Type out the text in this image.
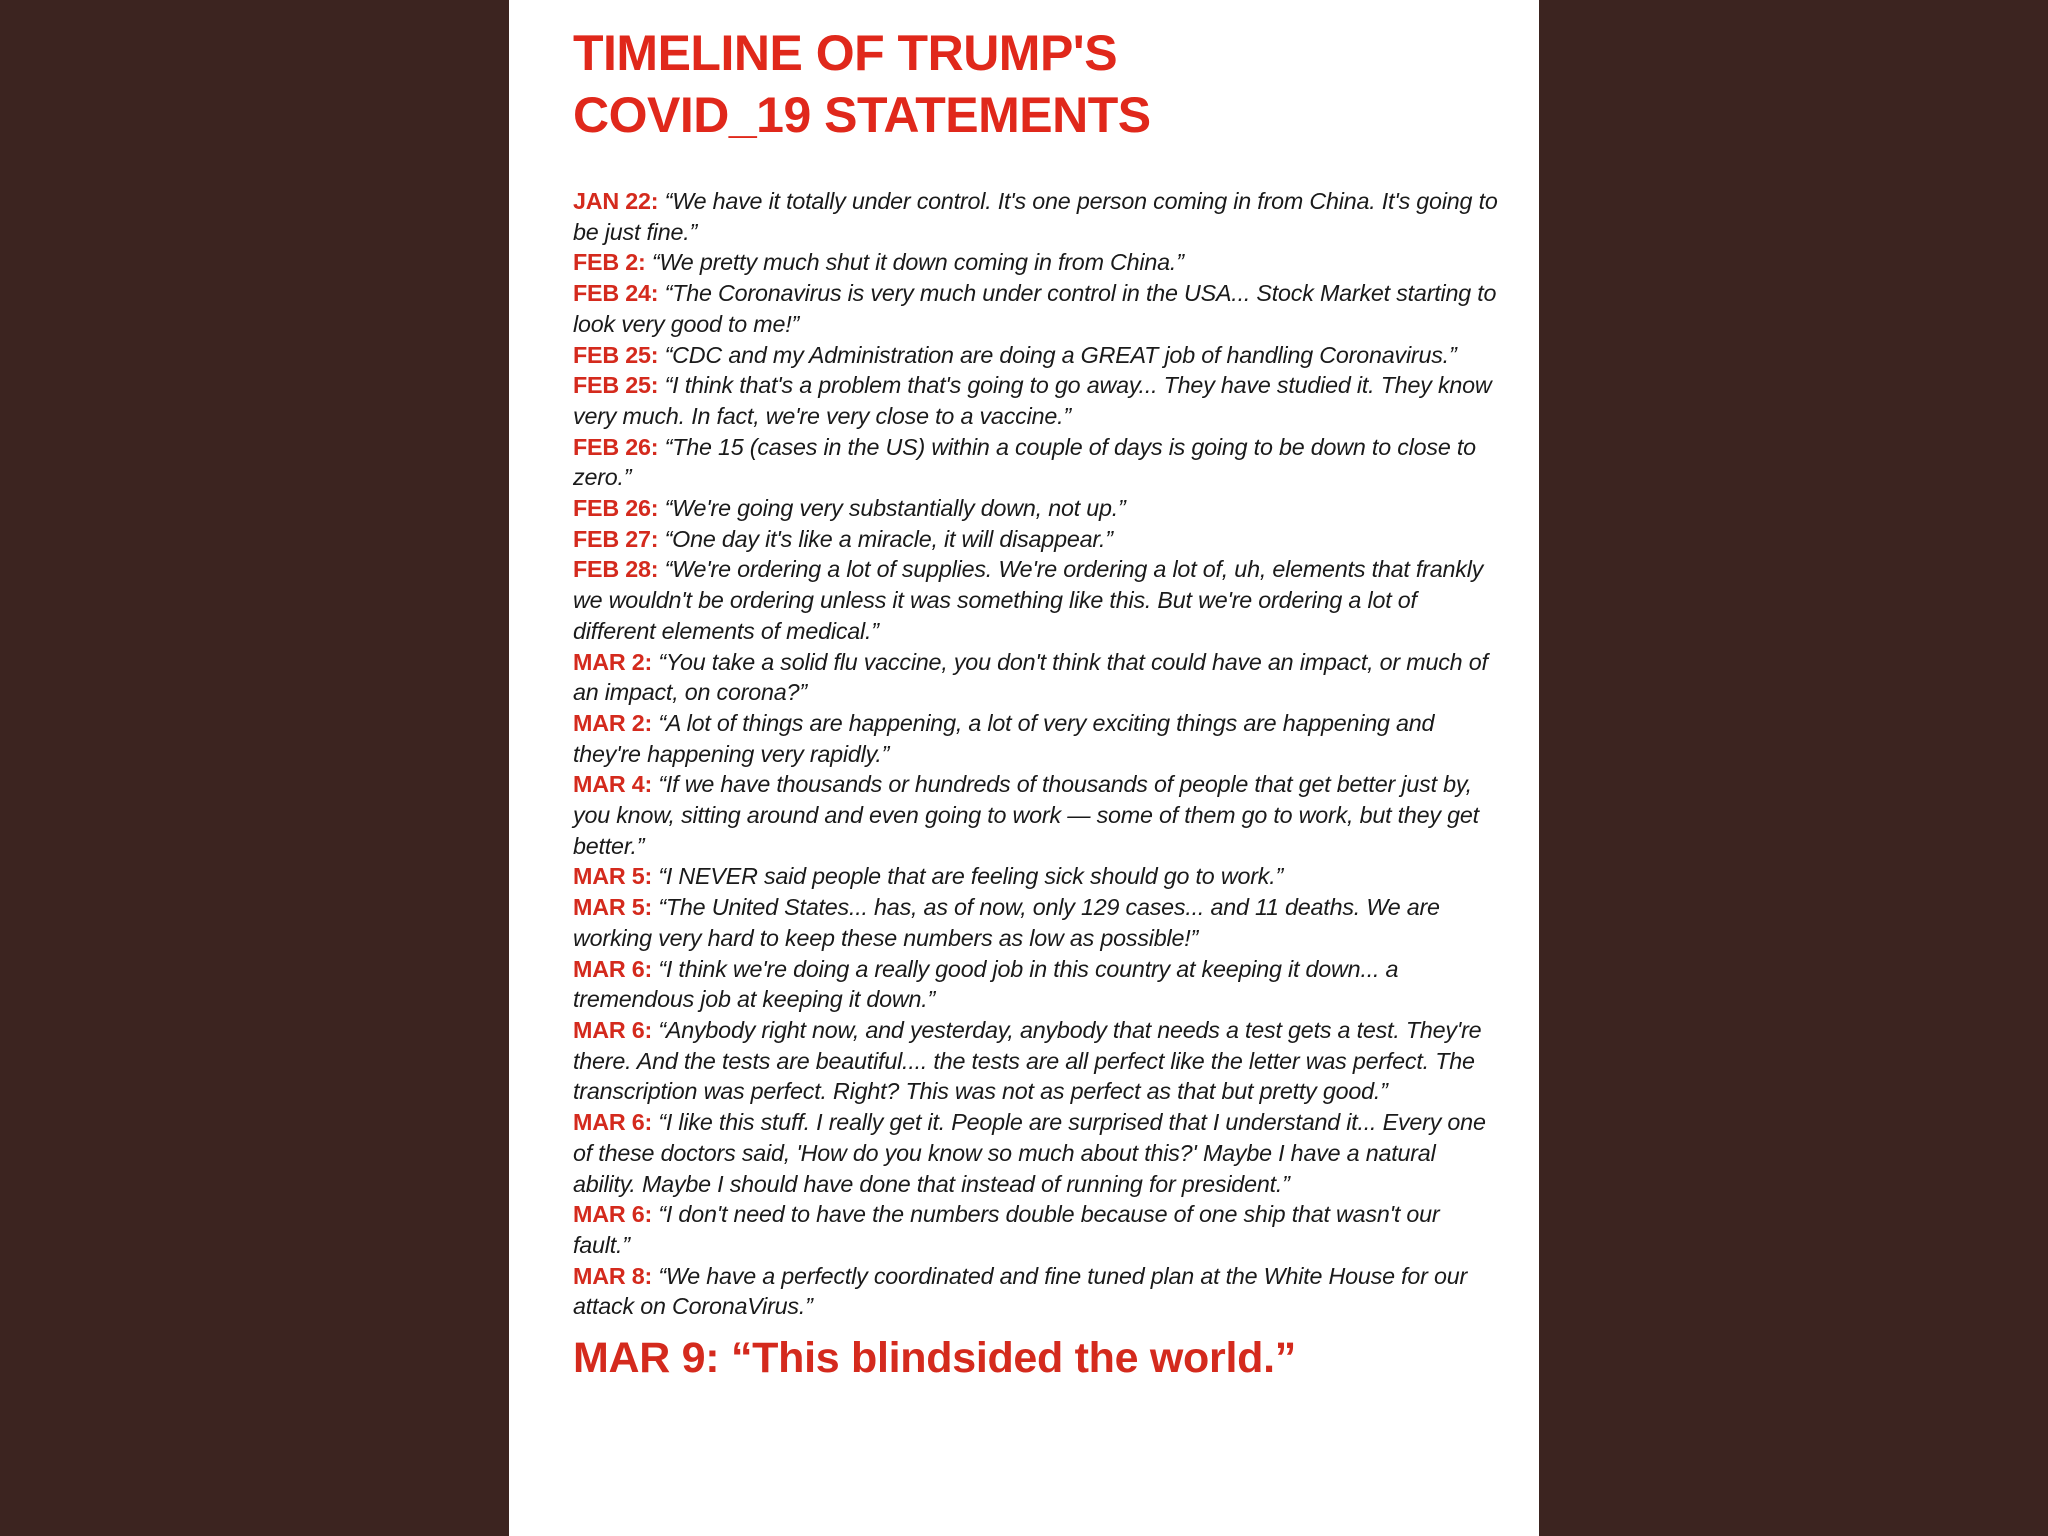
TIMELINE OF TRUMP'S
COVID_19 STATEMENTS

JAN 22: “We have it totally under control. It's one person coming in from China. It's going to be just fine.”

FEB 2: “We pretty much shut it down coming in from China.”

FEB 24: “The Coronavirus is very much under control in the USA... Stock Market starting to look very good to me!”

FEB 25: “CDC and my Administration are doing a GREAT job of handling Coronavirus.”

FEB 25: “I think that's a problem that's going to go away... They have studied it. They know very much. In fact, we're very close to a vaccine.”

FEB 26: “The 15 (cases in the US) within a couple of days is going to be down to close to zero.”

FEB 26: “We're going very substantially down, not up.”

FEB 27: “One day it's like a miracle, it will disappear.”

FEB 28: “We're ordering a lot of supplies. We're ordering a lot of, uh, elements that frankly we wouldn't be ordering unless it was something like this. But we're ordering a lot of different elements of medical.”

MAR 2: “You take a solid flu vaccine, you don't think that could have an impact, or much of an impact, on corona?”

MAR 2: “A lot of things are happening, a lot of very exciting things are happening and they're happening very rapidly.”

MAR 4: “If we have thousands or hundreds of thousands of people that get better just by, you know, sitting around and even going to work — some of them go to work, but they get better.”

MAR 5: “I NEVER said people that are feeling sick should go to work.”

MAR 5: “The United States... has, as of now, only 129 cases... and 11 deaths. We are working very hard to keep these numbers as low as possible!”

MAR 6: “I think we're doing a really good job in this country at keeping it down... a tremendous job at keeping it down.”

MAR 6: “Anybody right now, and yesterday, anybody that needs a test gets a test. They're there. And the tests are beautiful.... the tests are all perfect like the letter was perfect. The transcription was perfect. Right? This was not as perfect as that but pretty good.”

MAR 6: “I like this stuff. I really get it. People are surprised that I understand it... Every one of these doctors said, 'How do you know so much about this?' Maybe I have a natural ability. Maybe I should have done that instead of running for president.”

MAR 6: “I don't need to have the numbers double because of one ship that wasn't our fault.”

MAR 8: “We have a perfectly coordinated and fine tuned plan at the White House for our attack on CoronaVirus.”

MAR 9: “This blindsided the world.”
